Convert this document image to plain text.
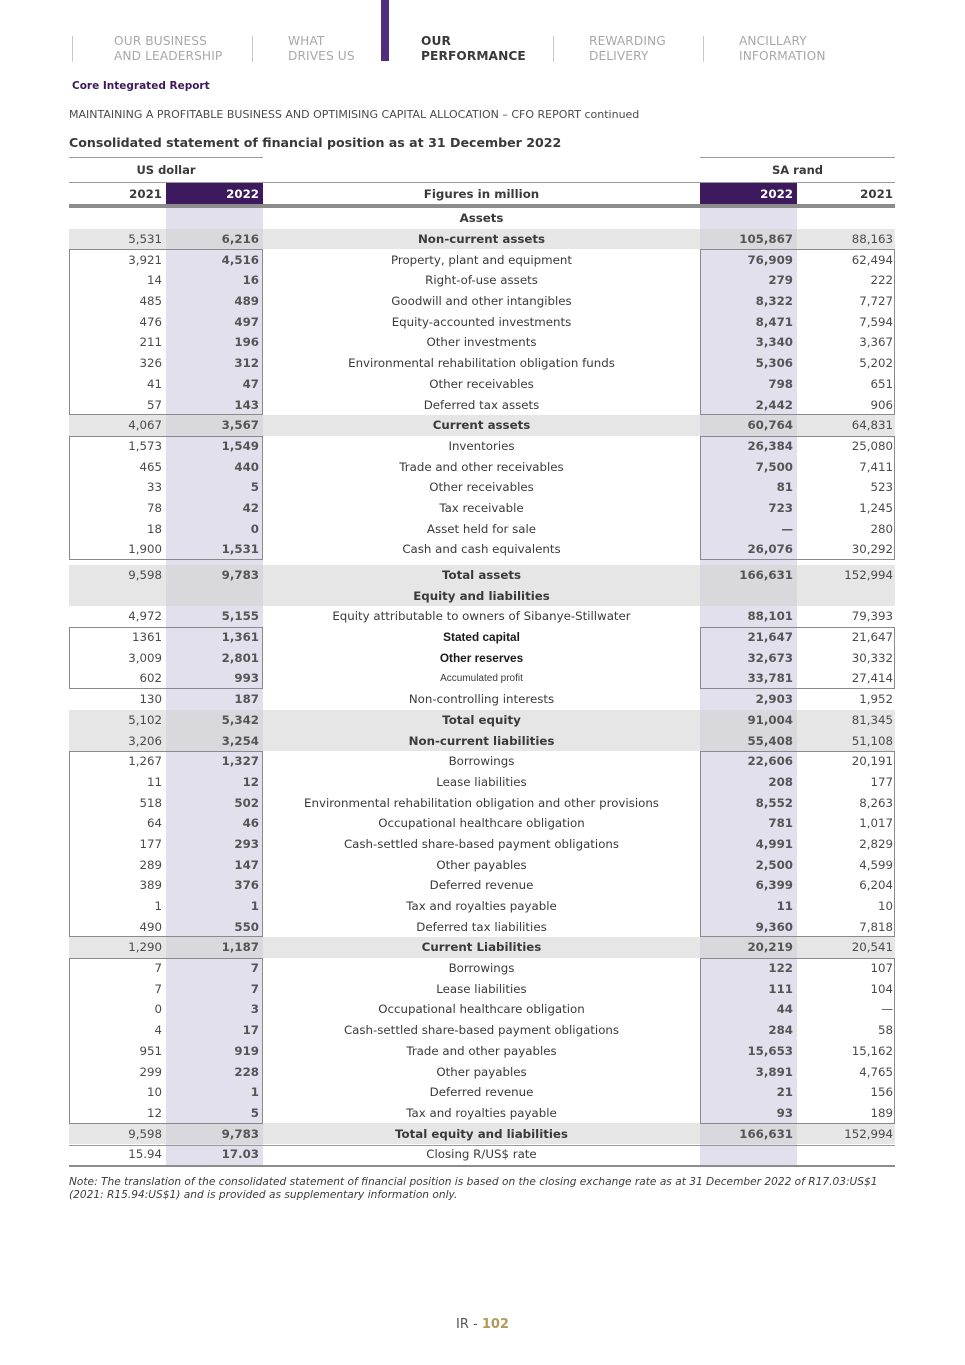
OUR BUSINESS
AND LEADERSHIP
WHAT
DRIVES US
OUR
PERFORMANCE
REWARDING
DELIVERY
ANCILLARY
INFORMATION
Core Integrated Report
MAINTAINING A PROFITABLE BUSINESS AND OPTIMISING CAPITAL ALLOCATION – CFO REPORT continued
Consolidated statement of financial position as at 31 December 2022
US dollar	SA rand
2021	2022	Figures in million	2022	2021
Assets
5,531	6,216	Non-current assets	105,867	88,163
3,921	4,516	Property, plant and equipment	76,909	62,494
14	16	Right-of-use assets	279	222
485	489	Goodwill and other intangibles	8,322	7,727
476	497	Equity-accounted investments	8,471	7,594
211	196	Other investments	3,340	3,367
326	312	Environmental rehabilitation obligation funds	5,306	5,202
41	47	Other receivables	798	651
57	143	Deferred tax assets	2,442	906
4,067	3,567	Current assets	60,764	64,831
1,573	1,549	Inventories	26,384	25,080
465	440	Trade and other receivables	7,500	7,411
33	5	Other receivables	81	523
78	42	Tax receivable	723	1,245
18	0	Asset held for sale	—	280
1,900	1,531	Cash and cash equivalents	26,076	30,292
9,598	9,783	Total assets	166,631	152,994
Equity and liabilities
4,972	5,155	Equity attributable to owners of Sibanye-Stillwater	88,101	79,393
1361	1,361	Stated capital	21,647	21,647
3,009	2,801	Other reserves	32,673	30,332
602	993	Accumulated profit	33,781	27,414
130	187	Non-controlling interests	2,903	1,952
5,102	5,342	Total equity	91,004	81,345
3,206	3,254	Non-current liabilities	55,408	51,108
1,267	1,327	Borrowings	22,606	20,191
11	12	Lease liabilities	208	177
518	502	Environmental rehabilitation obligation and other provisions	8,552	8,263
64	46	Occupational healthcare obligation	781	1,017
177	293	Cash-settled share-based payment obligations	4,991	2,829
289	147	Other payables	2,500	4,599
389	376	Deferred revenue	6,399	6,204
1	1	Tax and royalties payable	11	10
490	550	Deferred tax liabilities	9,360	7,818
1,290	1,187	Current Liabilities	20,219	20,541
7	7	Borrowings	122	107
7	7	Lease liabilities	111	104
0	3	Occupational healthcare obligation	44	—
4	17	Cash-settled share-based payment obligations	284	58
951	919	Trade and other payables	15,653	15,162
299	228	Other payables	3,891	4,765
10	1	Deferred revenue	21	156
12	5	Tax and royalties payable	93	189
9,598	9,783	Total equity and liabilities	166,631	152,994
15.94	17.03	Closing R/US$ rate
Note: The translation of the consolidated statement of financial position is based on the closing exchange rate as at 31 December 2022 of R17.03:US$1 (2021: R15.94:US$1) and is provided as supplementary information only.
IR - 102
